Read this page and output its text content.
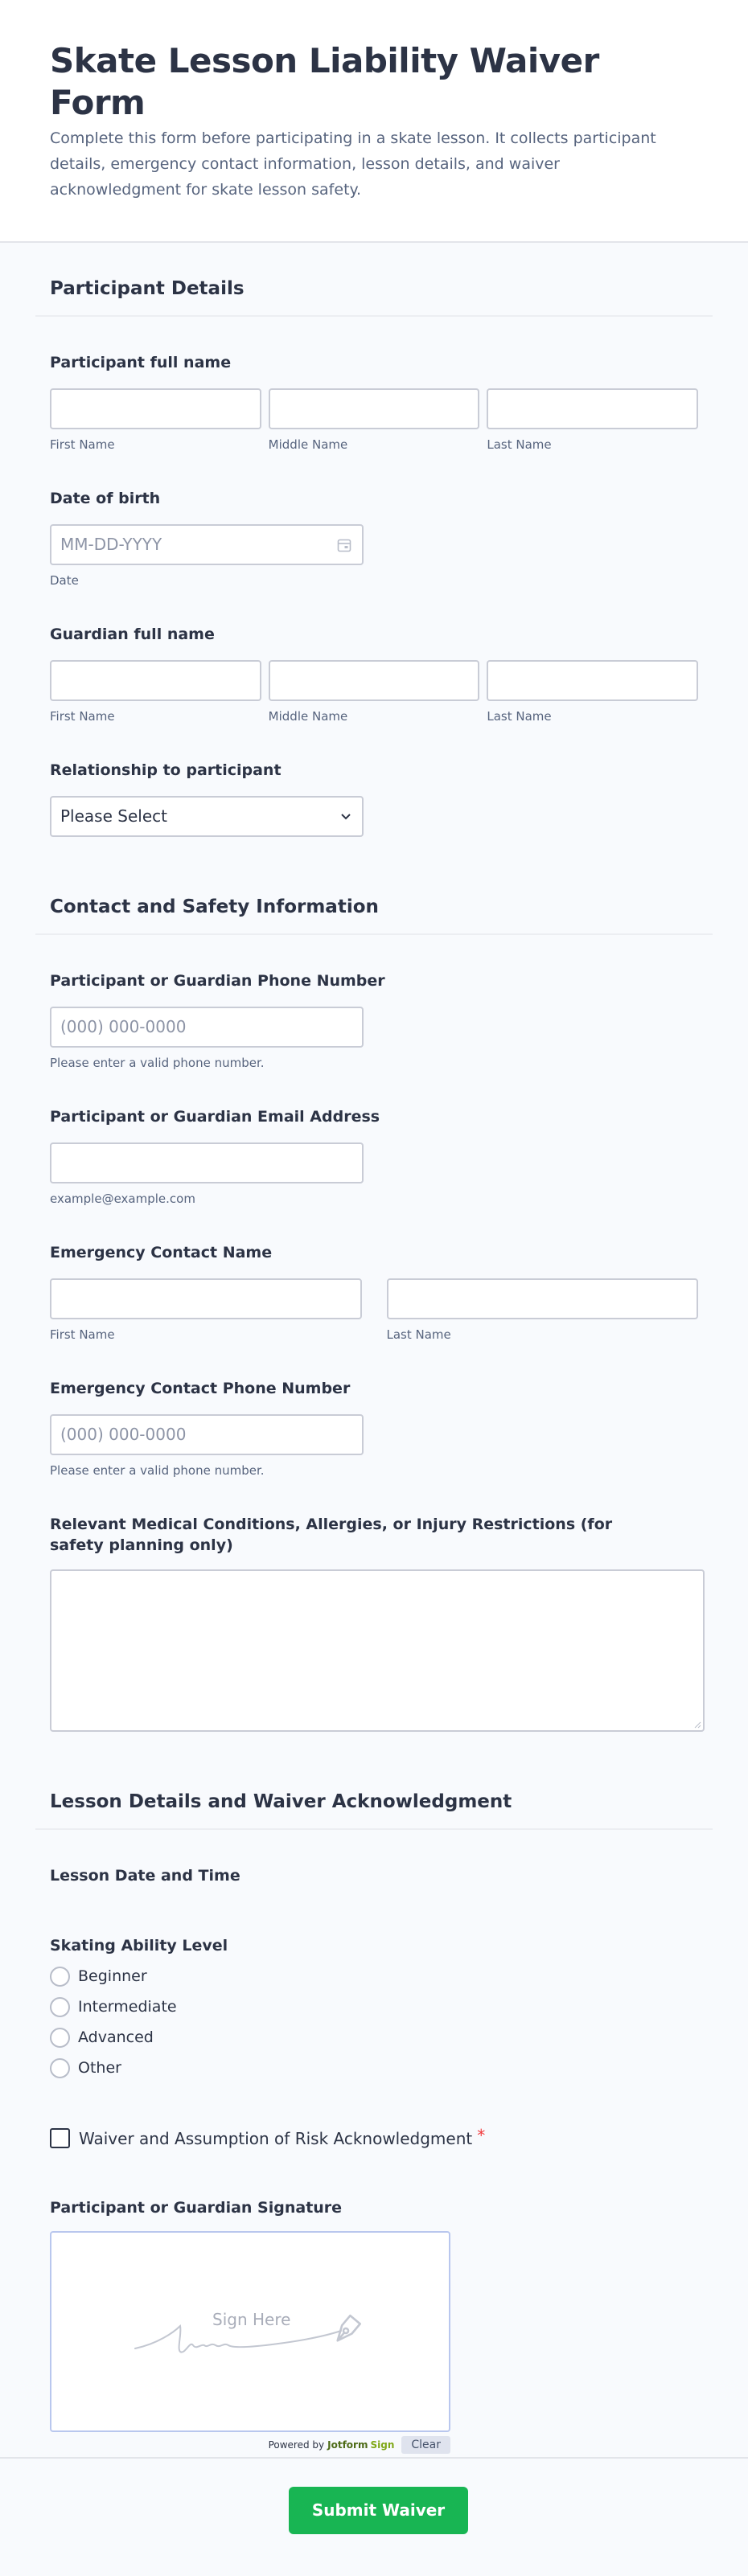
Skate Lesson Liability Waiver Form

Complete this form before participating in a skate lesson. It collects participant details, emergency contact information, lesson details, and waiver acknowledgment for skate lesson safety.

Participant Details
Participant full name
First Name	Middle Name	Last Name
Date of birth
MM-DD-YYYY
Date
Guardian full name
First Name	Middle Name	Last Name
Relationship to participant
Please Select
Contact and Safety Information
Participant or Guardian Phone Number
(000) 000-0000
Please enter a valid phone number.
Participant or Guardian Email Address
example@example.com
Emergency Contact Name
First Name	Last Name
Emergency Contact Phone Number
(000) 000-0000
Please enter a valid phone number.
Relevant Medical Conditions, Allergies, or Injury Restrictions (for safety planning only)
Lesson Details and Waiver Acknowledgment
Lesson Date and Time
Skating Ability Level
Beginner
Intermediate
Advanced
Other
Waiver and Assumption of Risk Acknowledgment *
Participant or Guardian Signature
Sign Here
Powered by Jotform Sign	Clear
Submit Waiver
